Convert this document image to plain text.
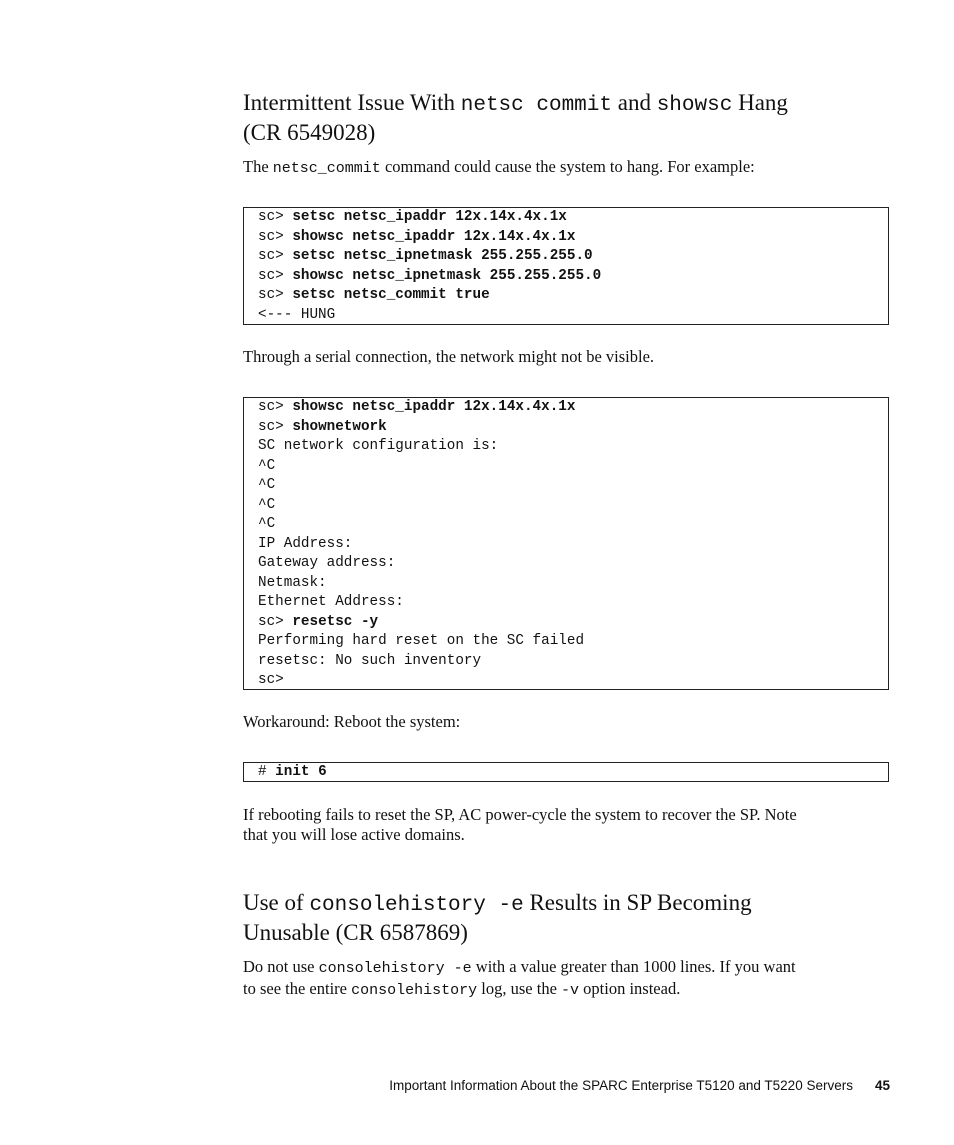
Intermittent Issue With netsc commit and showsc Hang
(CR 6549028)

The netsc_commit command could cause the system to hang. For example:

sc> setsc netsc_ipaddr 12x.14x.4x.1x
sc> showsc netsc_ipaddr 12x.14x.4x.1x
sc> setsc netsc_ipnetmask 255.255.255.0
sc> showsc netsc_ipnetmask 255.255.255.0
sc> setsc netsc_commit true
<--- HUNG

Through a serial connection, the network might not be visible.

sc> showsc netsc_ipaddr 12x.14x.4x.1x
sc> shownetwork
SC network configuration is:
^C
^C
^C
^C
IP Address:
Gateway address:
Netmask:
Ethernet Address:
sc> resetsc -y
Performing hard reset on the SC failed
resetsc: No such inventory
sc>

Workaround: Reboot the system:

# init 6

If rebooting fails to reset the SP, AC power-cycle the system to recover the SP. Note
that you will lose active domains.

Use of consolehistory -e Results in SP Becoming
Unusable (CR 6587869)

Do not use consolehistory -e with a value greater than 1000 lines. If you want
to see the entire consolehistory log, use the -v option instead.

Important Information About the SPARC Enterprise T5120 and T5220 Servers 45
